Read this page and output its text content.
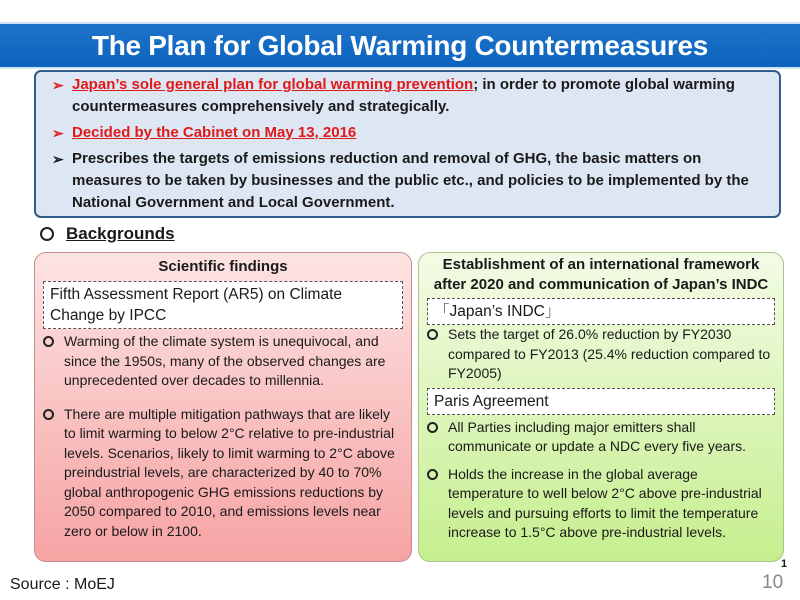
The Plan for Global Warming Countermeasures
➢ Japan’s sole general plan for global warming prevention; in order to promote global warming countermeasures comprehensively and strategically.
➢ Decided by the Cabinet on May 13, 2016
➢ Prescribes the targets of emissions reduction and removal of GHG, the basic matters on measures to be taken by businesses and the public etc., and policies to be implemented by the National Government and Local Government.
Backgrounds
Scientific findings
Fifth Assessment Report (AR5) on Climate Change by IPCC
Warming of the climate system is unequivocal, and since the 1950s, many of the observed changes are unprecedented over decades to millennia.
There are multiple mitigation pathways that are likely to limit warming to below 2°C relative to pre-industrial levels. Scenarios, likely to limit warming to 2°C above preindustrial levels, are characterized by 40 to 70% global anthropogenic GHG emissions reductions by 2050 compared to 2010, and emissions levels near zero or below in 2100.
Establishment of an international framework after 2020 and communication of Japan’s INDC
「Japan’s INDC」
Sets the target of 26.0% reduction by FY2030 compared to FY2013 (25.4% reduction compared to FY2005)
Paris Agreement
All Parties including major emitters shall communicate or update a NDC every five years.
Holds the increase in the global average temperature to well below 2°C above pre-industrial levels and pursuing efforts to limit the temperature increase to 1.5°C above pre-industrial levels.
Source : MoEJ
1
10
